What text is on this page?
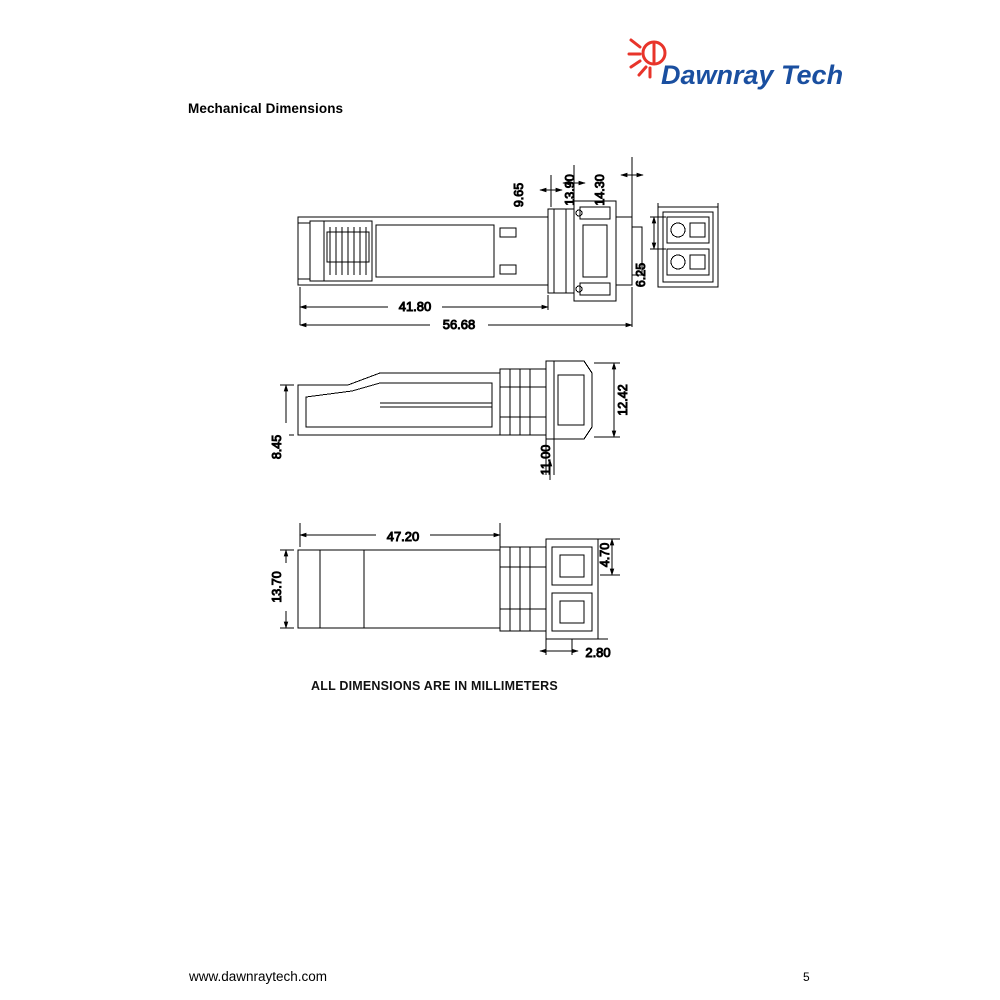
Dawnray Tech
Mechanical Dimensions
9.65	13.90 14.30
41.80
56.68
6.25
12.42
8.45	11.00
47.20
4.70
13.70
2.80
ALL DIMENSIONS ARE IN MILLIMETERS
www.dawnraytech.com	5
